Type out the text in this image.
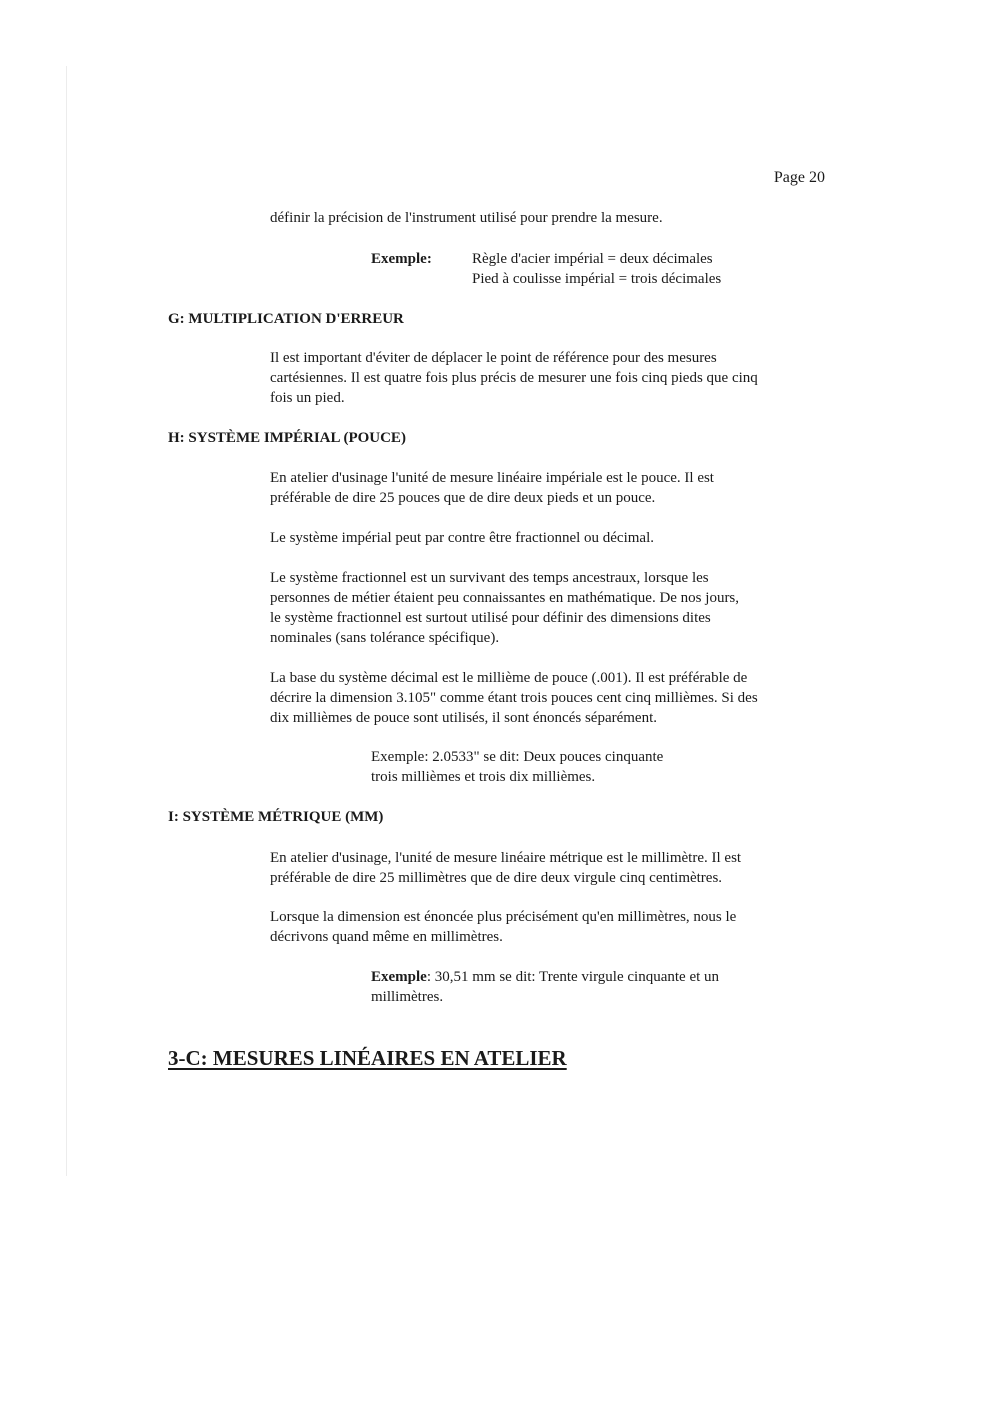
Page 20

définir la précision de l'instrument utilisé pour prendre la mesure.

Exemple:	Règle d'acier impérial = deux décimales
Pied à coulisse impérial = trois décimales

G: MULTIPLICATION D'ERREUR

Il est important d'éviter de déplacer le point de référence pour des mesures
cartésiennes. Il est quatre fois plus précis de mesurer une fois cinq pieds que cinq
fois un pied.

H: SYSTÈME IMPÉRIAL (POUCE)

En atelier d'usinage l'unité de mesure linéaire impériale est le pouce. Il est
préférable de dire 25 pouces que de dire deux pieds et un pouce.

Le système impérial peut par contre être fractionnel ou décimal.

Le système fractionnel est un survivant des temps ancestraux, lorsque les
personnes de métier étaient peu connaissantes en mathématique. De nos jours,
le système fractionnel est surtout utilisé pour définir des dimensions dites
nominales (sans tolérance spécifique).

La base du système décimal est le millième de pouce (.001). Il est préférable de
décrire la dimension 3.105" comme étant trois pouces cent cinq millièmes. Si des
dix millièmes de pouce sont utilisés, il sont énoncés séparément.

Exemple: 2.0533" se dit: Deux pouces cinquante
trois millièmes et trois dix millièmes.

I: SYSTÈME MÉTRIQUE (MM)

En atelier d'usinage, l'unité de mesure linéaire métrique est le millimètre. Il est
préférable de dire 25 millimètres que de dire deux virgule cinq centimètres.

Lorsque la dimension est énoncée plus précisément qu'en millimètres, nous le
décrivons quand même en millimètres.

Exemple: 30,51 mm se dit: Trente virgule cinquante et un
millimètres.

3-C: MESURES LINÉAIRES EN ATELIER
